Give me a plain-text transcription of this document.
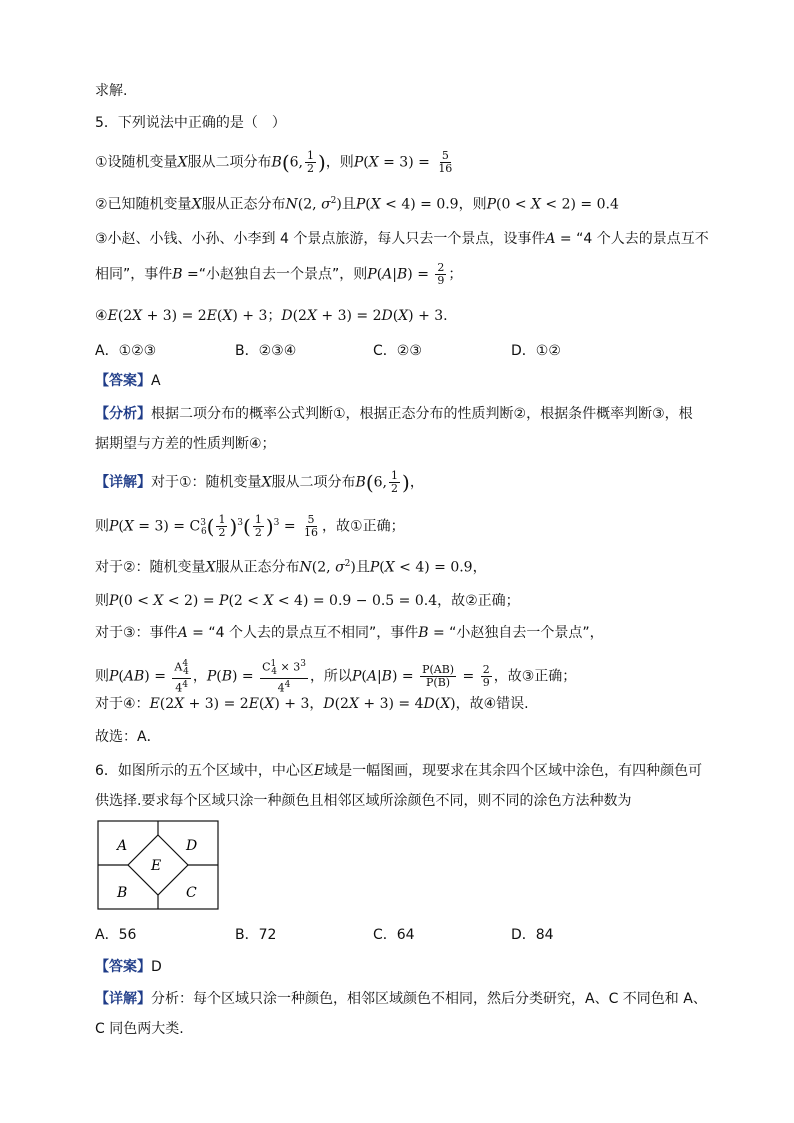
求解.
5．下列说法中正确的是（　）
①设随机变量X服从二项分布B(6, $\frac{1}{2}$ )，则$P(X = 3) = \frac{5}{16}$
②已知随机变量X服从正态分布N(2, $\sigma^2$)且P(X < 4) = 0.9，则P(0 < X < 2) = 0.4
③小赵、小钱、小孙、小李到 4 个景点旅游，每人只去一个景点，设事件A = “4 个人去的景点互不
相同”，事件B =“小赵独自去一个景点”，则$P(A|B) = \frac{2}{9}$ ；
④E(2X + 3) = 2E(X) + 3；D(2X + 3) = 2D(X) + 3.
A．①②③	B．②③④	C．②③	D．①②
【答案】A
【分析】根据二项分布的概率公式判断①，根据正态分布的性质判断②，根据条件概率判断③，根
据期望与方差的性质判断④；
【详解】对于①：随机变量X服从二项分布B(6, $\frac{1}{2}$ )，
则$P(X = 3) = C^3_6( \frac{1}{2} )^3( \frac{1}{2} )^3 = \frac{5}{16}$ ，故①正确；
对于②：随机变量X服从正态分布N(2, $\sigma^2$)且P(X < 4) = 0.9，
则P(0 < X < 2) = P(2 < X < 4) = 0.9 − 0.5 = 0.4，故②正确；
对于③：事件A = “4 个人去的景点互不相同”，事件B = “小赵独自去一个景点”，
则$P(AB) = \frac{A^4_4}{4^4}$ ，$P(B) = \frac{C^1_4 \times 3^3}{4^4}$ ，所以$P(A|B) = \frac{P(AB)}{P(B)} = \frac{2}{9}$ ，故③正确；
对于④：E(2X + 3) = 2E(X) + 3，D(2X + 3) = 4D(X)，故④错误.
故选：A．
6．如图所示的五个区域中，中心区E域是一幅图画，现要求在其余四个区域中涂色，有四种颜色可
供选择.要求每个区域只涂一种颜色且相邻区域所涂颜色不同，则不同的涂色方法种数为
A	D
E
B	C
A．56	B．72	C．64	D．84
【答案】D
【详解】分析：每个区域只涂一种颜色，相邻区域颜色不相同，然后分类研究，A、C 不同色和 A、
C 同色两大类.
